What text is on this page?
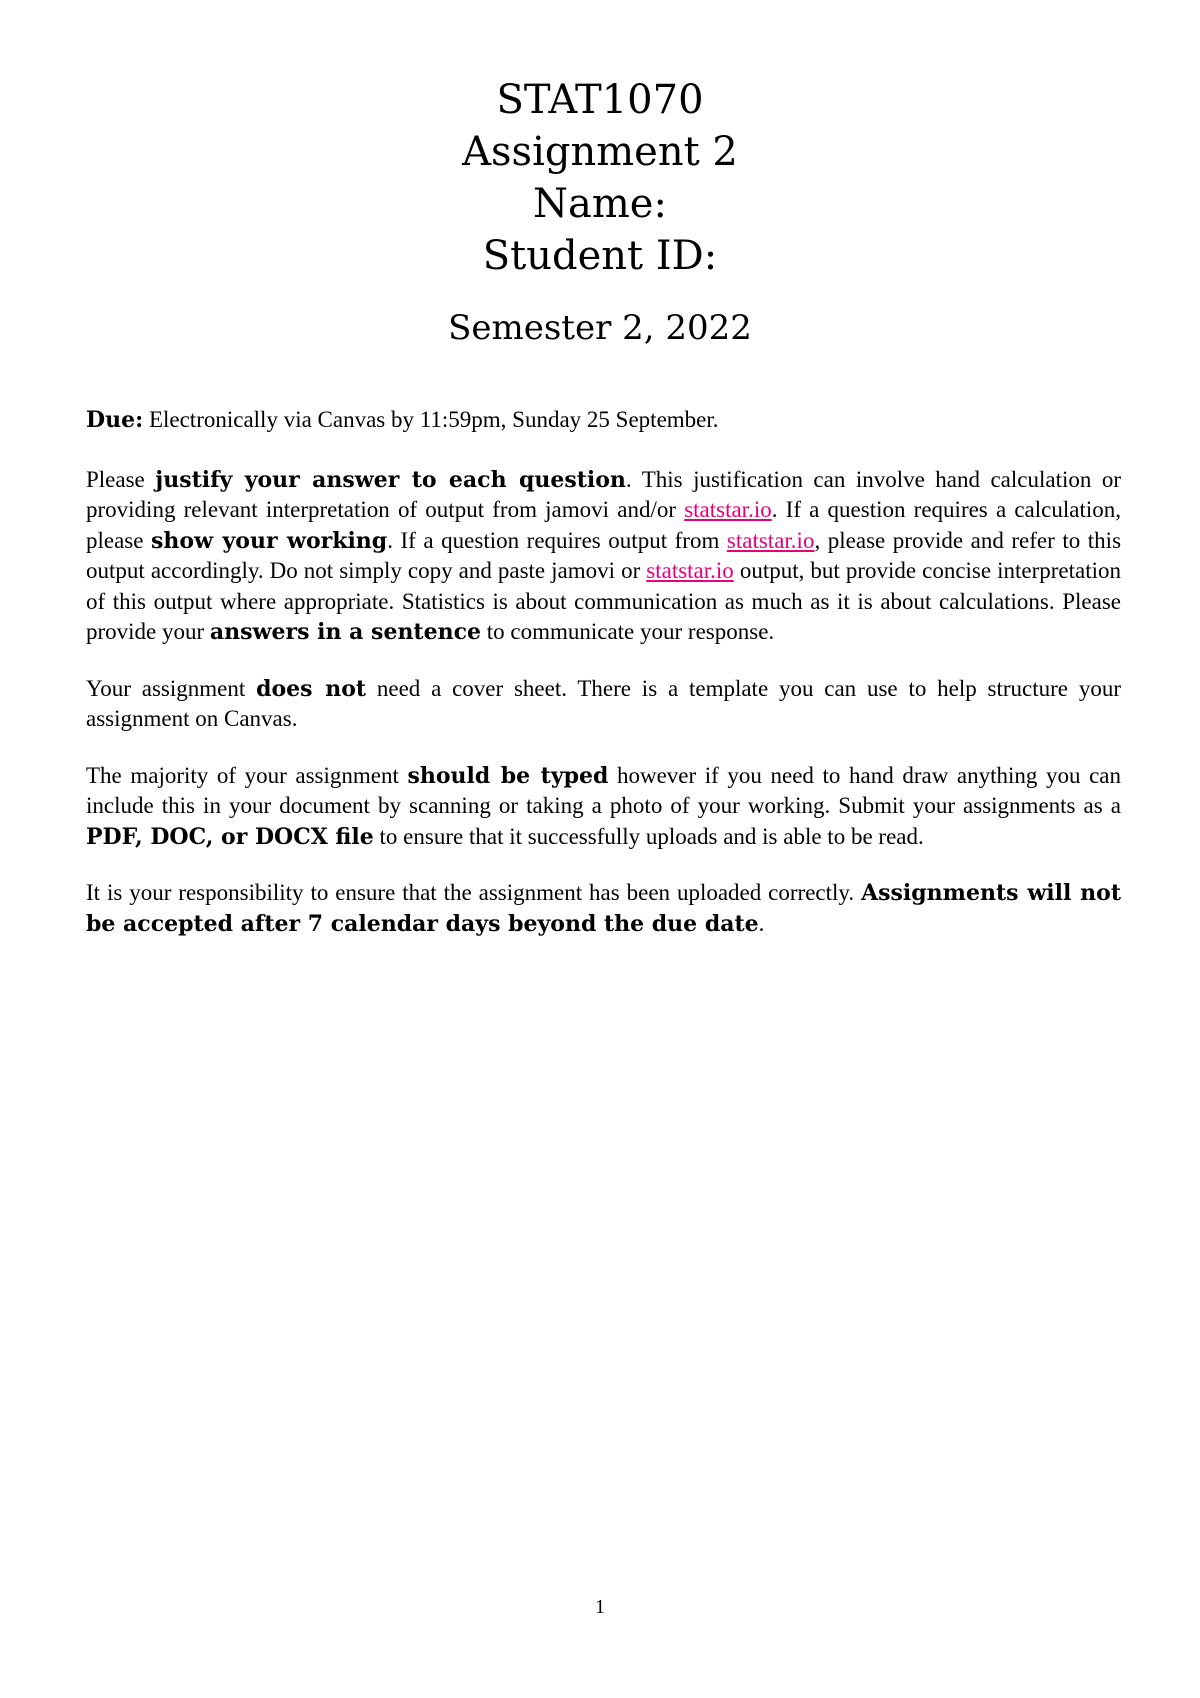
STAT1070
Assignment 2
Name:
Student ID:
Semester 2, 2022

Due: Electronically via Canvas by 11:59pm, Sunday 25 September.

Please justify your answer to each question. This justification can involve hand calculation or providing relevant interpretation of output from jamovi and/or statstar.io. If a question requires a calculation, please show your working. If a question requires output from statstar.io, please provide and refer to this output accordingly. Do not simply copy and paste jamovi or statstar.io output, but provide concise interpretation of this output where appropriate. Statistics is about communication as much as it is about calculations. Please provide your answers in a sentence to communicate your response.

Your assignment does not need a cover sheet. There is a template you can use to help structure your assignment on Canvas.

The majority of your assignment should be typed however if you need to hand draw anything you can include this in your document by scanning or taking a photo of your working. Submit your assignments as a PDF, DOC, or DOCX file to ensure that it successfully uploads and is able to be read.

It is your responsibility to ensure that the assignment has been uploaded correctly. Assignments will not be accepted after 7 calendar days beyond the due date.

1
